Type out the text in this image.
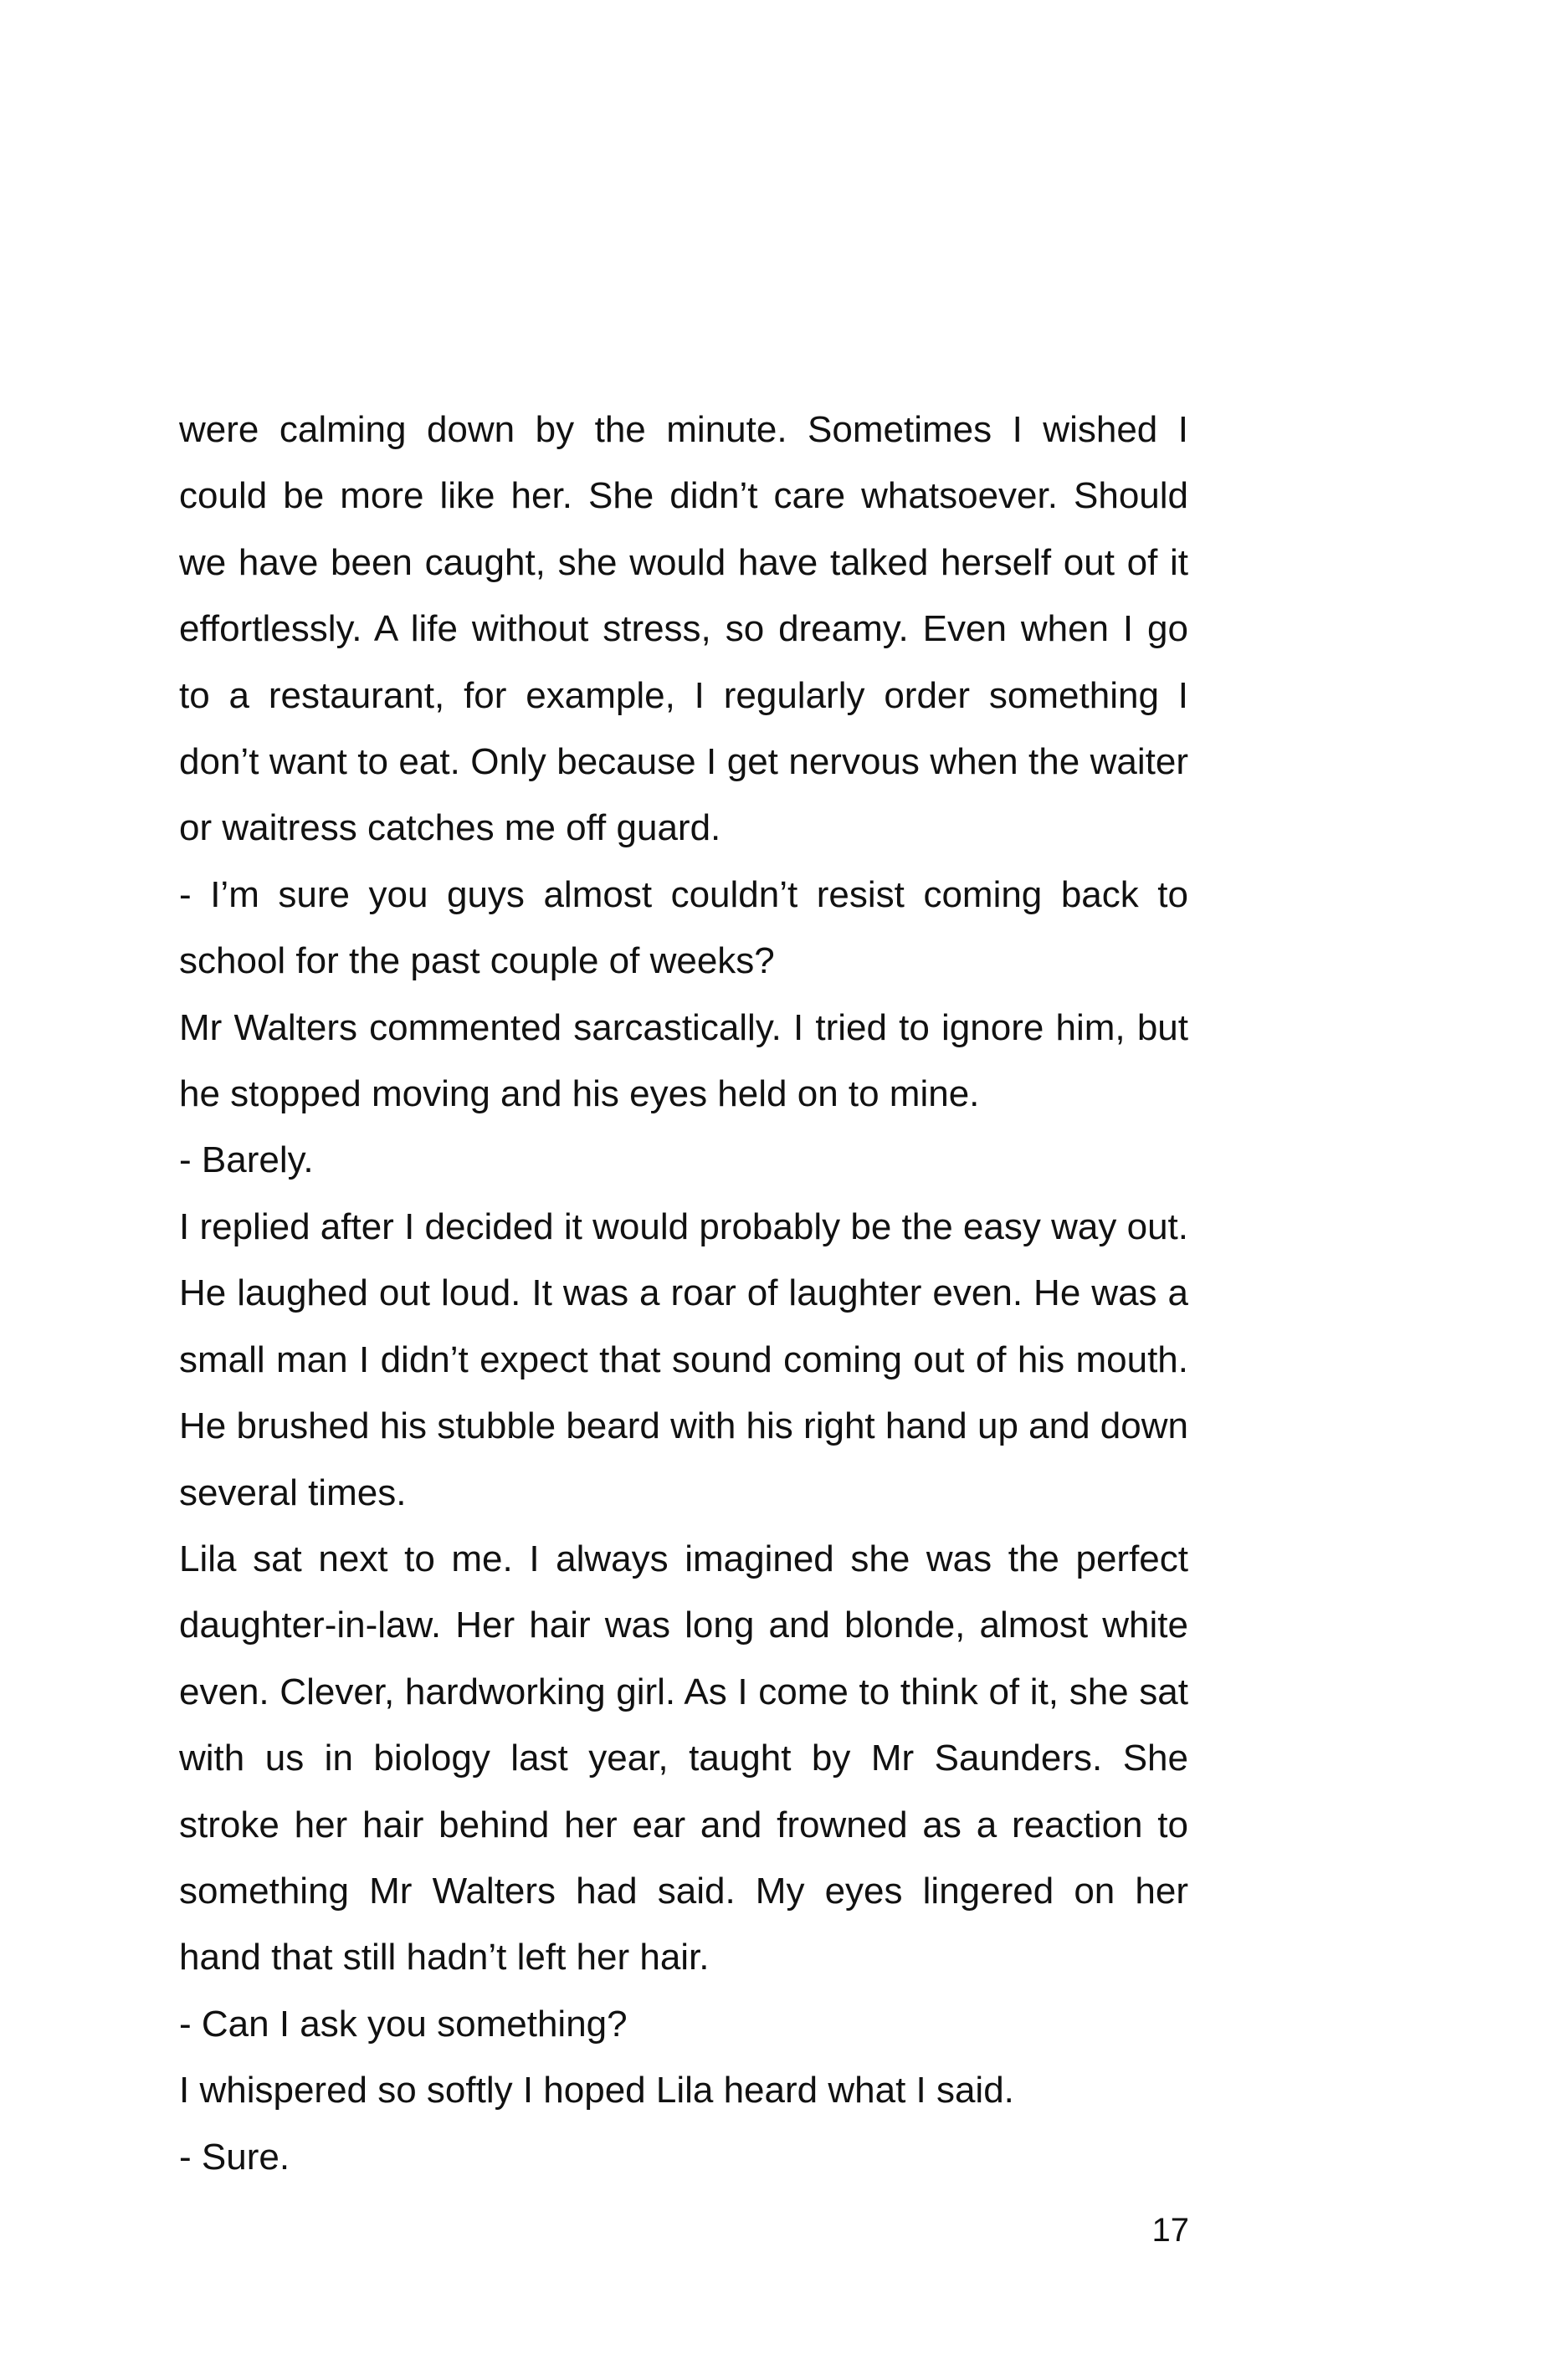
were calming down by the minute. Sometimes I wished I could be more like her. She didn’t care whatsoever. Should we have been caught, she would have talked herself out of it effortlessly. A life without stress, so dreamy. Even when I go to a restaurant, for example, I regularly order something I don’t want to eat. Only because I get nervous when the waiter or waitress catches me off guard.

- I’m sure you guys almost couldn’t resist coming back to school for the past couple of weeks?

Mr Walters commented sarcastically. I tried to ignore him, but he stopped moving and his eyes held on to mine.

- Barely.

I replied after I decided it would probably be the easy way out. He laughed out loud. It was a roar of laughter even. He was a small man I didn’t expect that sound coming out of his mouth. He brushed his stubble beard with his right hand up and down several times.

Lila sat next to me. I always imagined she was the perfect daughter-in-law. Her hair was long and blonde, almost white even. Clever, hardworking girl. As I come to think of it, she sat with us in biology last year, taught by Mr Saunders. She stroke her hair behind her ear and frowned as a reaction to something Mr Walters had said. My eyes lingered on her hand that still hadn’t left her hair.

- Can I ask you something?

I whispered so softly I hoped Lila heard what I said.

- Sure.

17
